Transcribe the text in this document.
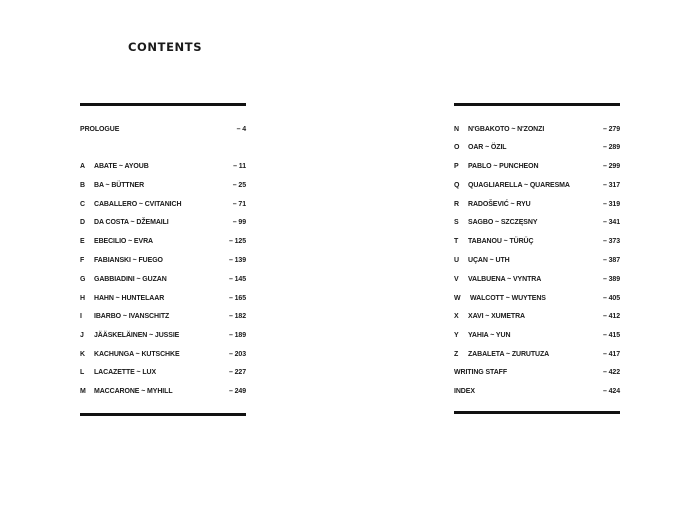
CONTENTS
PROLOGUE	– 4
A ABATE ~ AYOUB	– 11
B BA ~ BÜTTNER	– 25
C CABALLERO ~ CVITANICH	– 71
D DA COSTA ~ DŽEMAILI	– 99
E EBECILIO ~ EVRA	– 125
F FABIANSKI ~ FUEGO	– 139
G GABBIADINI ~ GUZAN	– 145
H HAHN ~ HUNTELAAR	– 165
I IBARBO ~ IVANSCHITZ	– 182
J JÄÄSKELÄINEN ~ JUSSIE	– 189
K KACHUNGA ~ KUTSCHKE	– 203
L LACAZETTE ~ LUX	– 227
M MACCARONE ~ MYHILL	– 249
N N'GBAKOTO ~ N'ZONZI	– 279
O OAR ~ ÖZIL	– 289
P PABLO ~ PUNCHEON	– 299
Q QUAGLIARELLA ~ QUARESMA	– 317
R RADOŠEVIĆ ~ RYU	– 319
S SAGBO ~ SZCZĘSNY	– 341
T TABANOU ~ TÜRÜÇ	– 373
U UÇAN ~ UTH	– 387
V VALBUENA ~ VYNTRA	– 389
W WALCOTT ~ WUYTENS	– 405
X XAVI ~ XUMETRA	– 412
Y YAHIA ~ YUN	– 415
Z ZABALETA ~ ZURUTUZA	– 417
WRITING STAFF	– 422
INDEX	– 424
